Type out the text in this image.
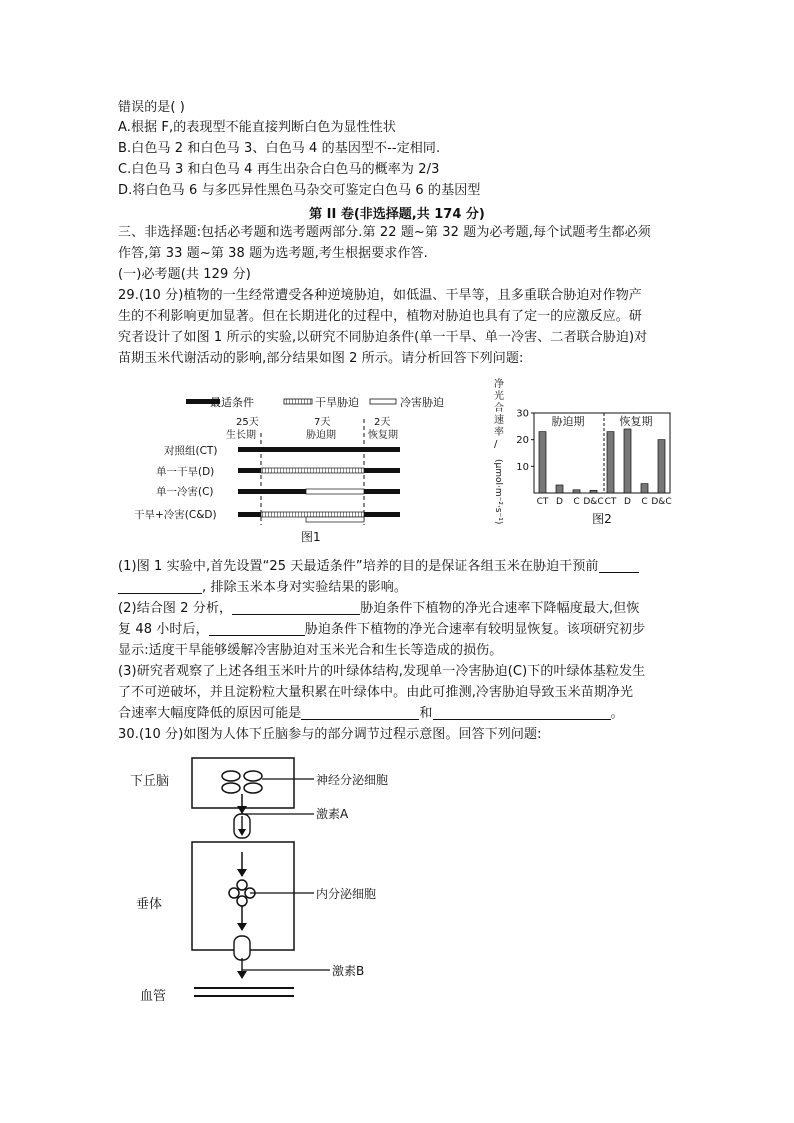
错误的是( )
A.根据 F,的表现型不能直接判断白色为显性性状
B.白色马 2 和白色马 3、白色马 4 的基因型不--定相同.
C.白色马 3 和白色马 4 再生出杂合白色马的概率为 2/3
D.将白色马 6 与多匹异性黑色马杂交可鉴定白色马 6 的基因型
第 II 卷(非选择题,共 174 分)
三、非选择题:包括必考题和选考题两部分.第 22 题~第 32 题为必考题,每个试题考生都必须
作答,第 33 题~第 38 题为选考题,考生根据要求作答.
(一)必考题(共 129 分)
29.(10 分)植物的一生经常遭受各种逆境胁迫，如低温、干旱等，且多重联合胁迫对作物产
生的不利影响更加显著。但在长期进化的过程中，植物对胁迫也具有了定一的应激反应。研
究者设计了如图 1 所示的实验,以研究不同胁迫条件(单一干旱、单一冷害、二者联合胁迫)对
苗期玉米代谢活动的影响,部分结果如图 2 所示。请分析回答下列问题:
最适条件	干旱胁迫	冷害胁迫
25天
生长期
7天
胁迫期
2天
恢复期
对照组(CT)
单一干旱(D)
单一冷害(C)
干旱+冷害(C&D)
图1
净
光
合
速
率
/
(μmol·m⁻²·s⁻¹) 10
20
30
胁迫期
CT D C D&C
恢复期
CT D C D&C
图2
(1)图 1 实验中,首先设置“25 天最适条件”培养的目的是保证各组玉米在胁迫干预前
, 排除玉米本身对实验结果的影响。
(2)结合图 2 分析，	胁迫条件下植物的净光合速率下降幅度最大,但恢
复 48 小时后，	胁迫条件下植物的净光合速率有较明显恢复。该项研究初步
显示:适度干旱能够缓解冷害胁迫对玉米光合和生长等造成的损伤。
(3)研究者观察了上述各组玉米叶片的叶绿体结构,发现单一冷害胁迫(C)下的叶绿体基粒发生
了不可逆破坏，并且淀粉粒大量积累在叶绿体中。由此可推测,冷害胁迫导致玉米苗期净光
合速率大幅度降低的原因可能是	和	。
30.(10 分)如图为人体下丘脑参与的部分调节过程示意图。回答下列问题:
下丘脑
垂体
血管
神经分泌细胞
激素A
内分泌细胞
激素B
